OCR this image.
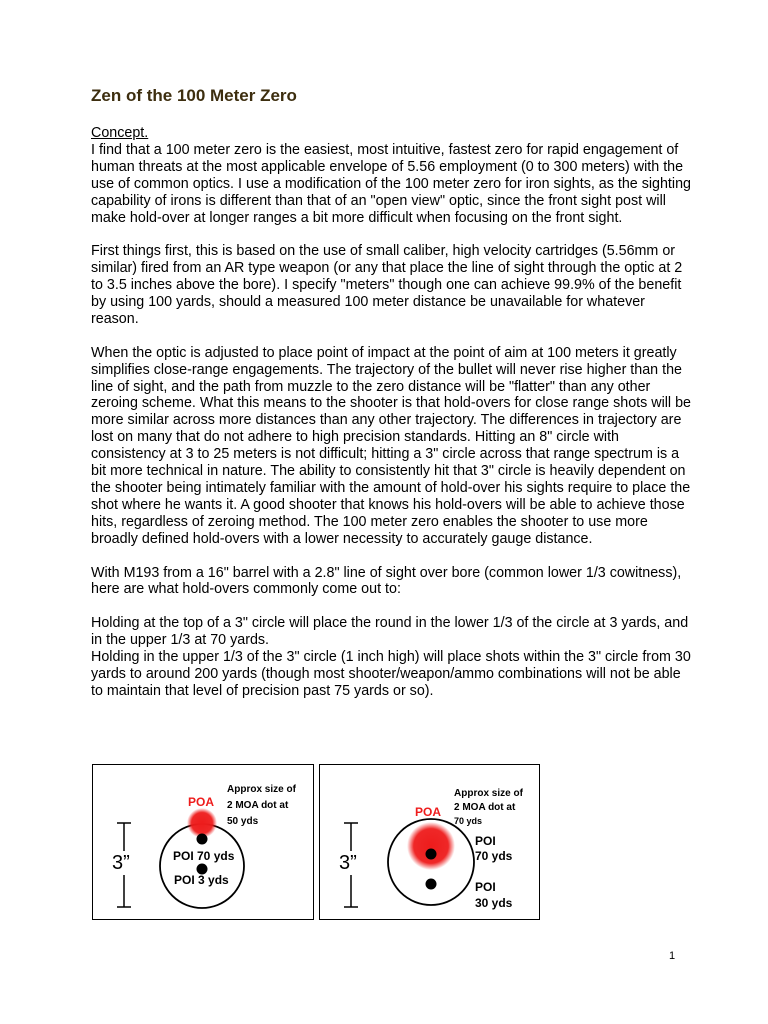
Zen of the 100 Meter Zero

Concept.

I find that a 100 meter zero is the easiest, most intuitive, fastest zero for rapid engagement of human threats at the most applicable envelope of 5.56 employment (0 to 300 meters) with the use of common optics. I use a modification of the 100 meter zero for iron sights, as the sighting capability of irons is different than that of an "open view" optic, since the front sight post will make hold-over at longer ranges a bit more difficult when focusing on the front sight.

First things first, this is based on the use of small caliber, high velocity cartridges (5.56mm or similar) fired from an AR type weapon (or any that place the line of sight through the optic at 2 to 3.5 inches above the bore). I specify "meters" though one can achieve 99.9% of the benefit by using 100 yards, should a measured 100 meter distance be unavailable for whatever reason.

When the optic is adjusted to place point of impact at the point of aim at 100 meters it greatly simplifies close-range engagements. The trajectory of the bullet will never rise higher than the line of sight, and the path from muzzle to the zero distance will be "flatter" than any other zeroing scheme. What this means to the shooter is that hold-overs for close range shots will be more similar across more distances than any other trajectory. The differences in trajectory are lost on many that do not adhere to high precision standards. Hitting an 8" circle with consistency at 3 to 25 meters is not difficult; hitting a 3" circle across that range spectrum is a bit more technical in nature. The ability to consistently hit that 3" circle is heavily dependent on the shooter being intimately familiar with the amount of hold-over his sights require to place the shot where he wants it. A good shooter that knows his hold-overs will be able to achieve those hits, regardless of zeroing method. The 100 meter zero enables the shooter to use more broadly defined hold-overs with a lower necessity to accurately gauge distance.

With M193 from a 16" barrel with a 2.8" line of sight over bore (common lower 1/3 cowitness), here are what hold-overs commonly come out to:

Holding at the top of a 3" circle will place the round in the lower 1/3 of the circle at 3 yards, and in the upper 1/3 at 70 yards.

Holding in the upper 1/3 of the 3" circle (1 inch high) will place shots within the 3" circle from 30 yards to around 200 yards (though most shooter/weapon/ammo combinations will not be able to maintain that level of precision past 75 yards or so).

3”
POA
Approx size of
2 MOA dot at
50 yds
POI 70 yds
POI 3 yds
3”
POA
Approx size of
2 MOA dot at
70 yds
POI
70 yds
POI
30 yds
1
